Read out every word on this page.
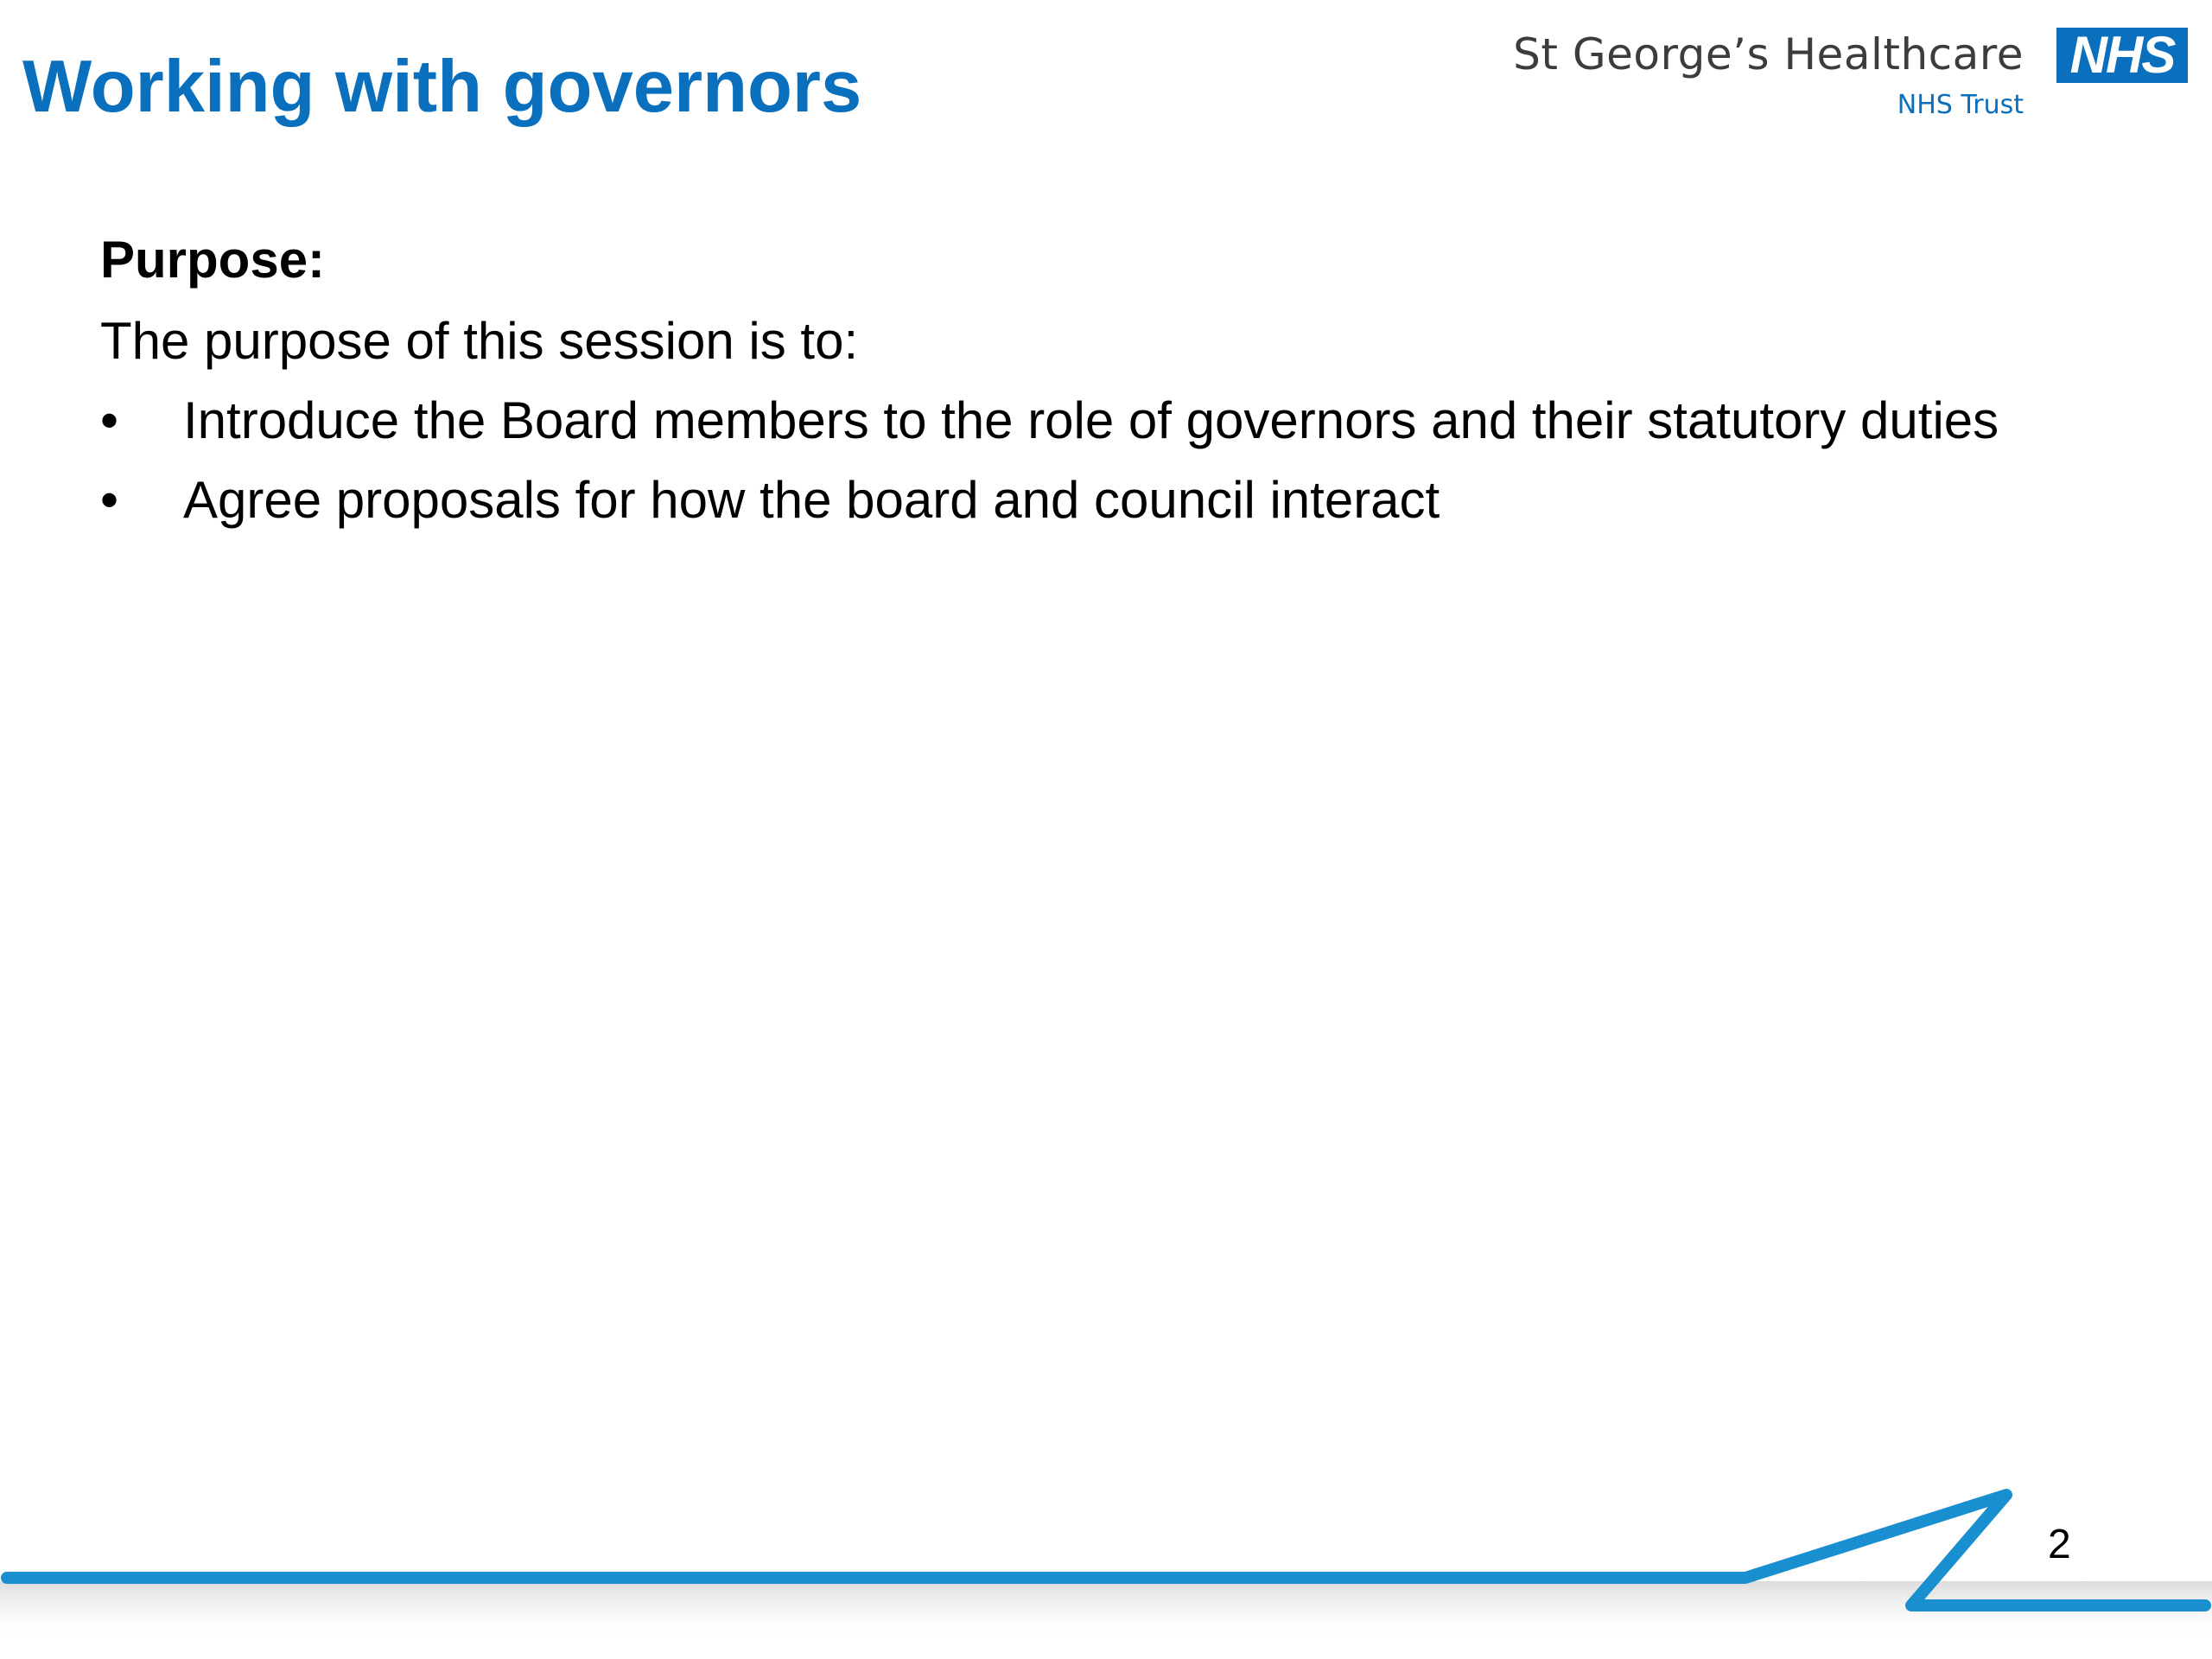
Working with governors	St George’s Healthcare
NHS Trust
NHS

Purpose:

The purpose of this session is to:

•	Introduce the Board members to the role of governors and their statutory duties
•	Agree proposals for how the board and council interact
2
